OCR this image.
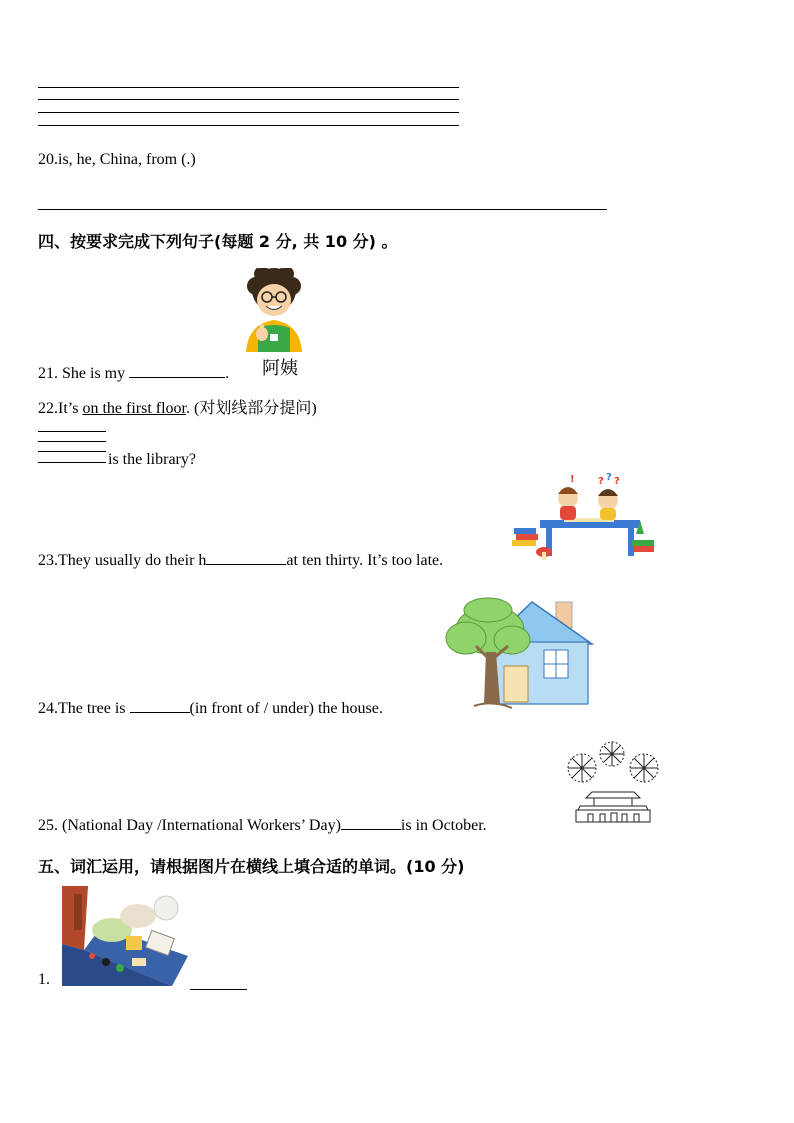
20.is, he, China, from (.)
四、按要求完成下列句子(每题 2 分, 共 10 分) 。
阿姨
21. She is my	.
22.It’s on the first floor. (对划线部分提问)
is the library?
! ? ? ?
23.They usually do their h	at ten thirty. It’s too late.
24.The tree is	(in front of / under) the house.
25. (National Day /International Workers’ Day)	is in October.
五、词汇运用，请根据图片在横线上填合适的单词。(10 分)
1.
